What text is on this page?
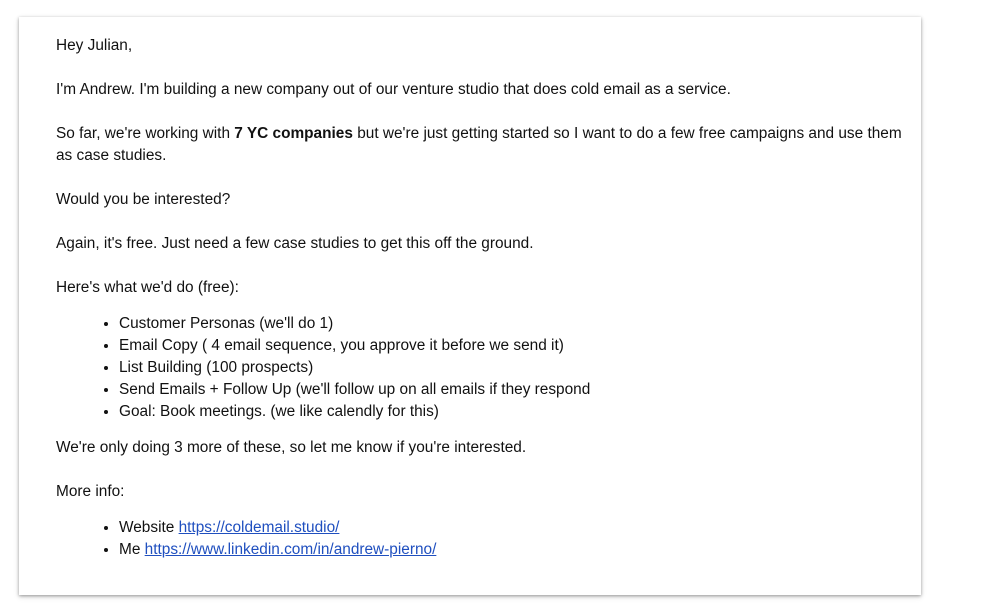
Hey Julian,

I'm Andrew. I'm building a new company out of our venture studio that does cold email as a service.

So far, we're working with 7 YC companies but we're just getting started so I want to do a few free campaigns and use them as case studies.

Would you be interested?

Again, it's free. Just need a few case studies to get this off the ground.

Here's what we'd do (free):

• Customer Personas (we'll do 1)
• Email Copy ( 4 email sequence, you approve it before we send it)
• List Building (100 prospects)
• Send Emails + Follow Up (we'll follow up on all emails if they respond
• Goal: Book meetings. (we like calendly for this)

We're only doing 3 more of these, so let me know if you're interested.

More info:

• Website https://coldemail.studio/
• Me https://www.linkedin.com/in/andrew-pierno/
